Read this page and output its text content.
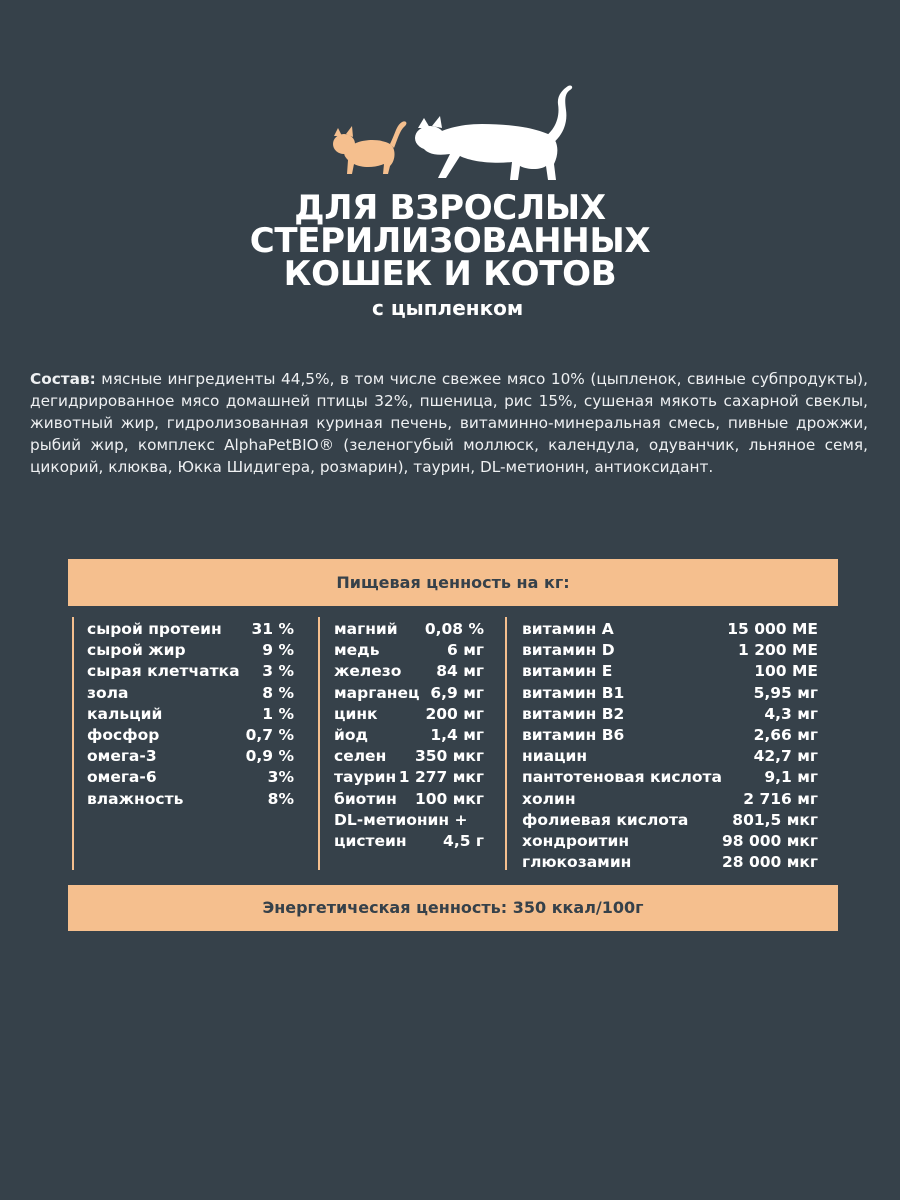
ДЛЯ ВЗРОСЛЫХ
СТЕРИЛИЗОВАННЫХ
КОШЕК И КОТОВ
с цыпленком
Состав: мясные ингредиенты 44,5%, в том числе свежее мясо 10% (цыпленок, свиные субпродукты), дегидрированное мясо домашней птицы 32%, пшеница, рис 15%, сушеная мякоть сахарной свеклы, животный жир, гидролизованная куриная печень, витаминно-минеральная смесь, пивные дрожжи, рыбий жир, комплекс AlphaPetBIO® (зеленогубый моллюск, календула, одуванчик, льняное семя, цикорий, клюква, Юкка Шидигера, розмарин), таурин, DL-метионин, антиоксидант.
Пищевая ценность на кг:
сырой протеин 31 %
сырой жир	9 %
сырая клетчатка 3 %
зола	8 %
кальций	1 %
фосфор	0,7 %
омега-3	0,9 %
омега-6	3%
влажность	8%
магний 0,08 %
медь	6 мг
железо 84 мг
марганец 6,9 мг
цинк	200 мг
йод	1,4 мг
селен 350 мкг
таурин 1 277 мкг
биотин 100 мкг
DL-метионин +
цистеин 4,5 г
витамин А	15 000 МЕ
витамин D	1 200 МЕ
витамин Е	100 МЕ
витамин В1	5,95 мг
витамин В2	4,3 мг
витамин В6	2,66 мг
ниацин	42,7 мг
пантотеновая кислота	9,1 мг
холин	2 716 мг
фолиевая кислота	801,5 мкг
хондроитин	98 000 мкг
глюкозамин	28 000 мкг
Энергетическая ценность: 350 ккал/100г
